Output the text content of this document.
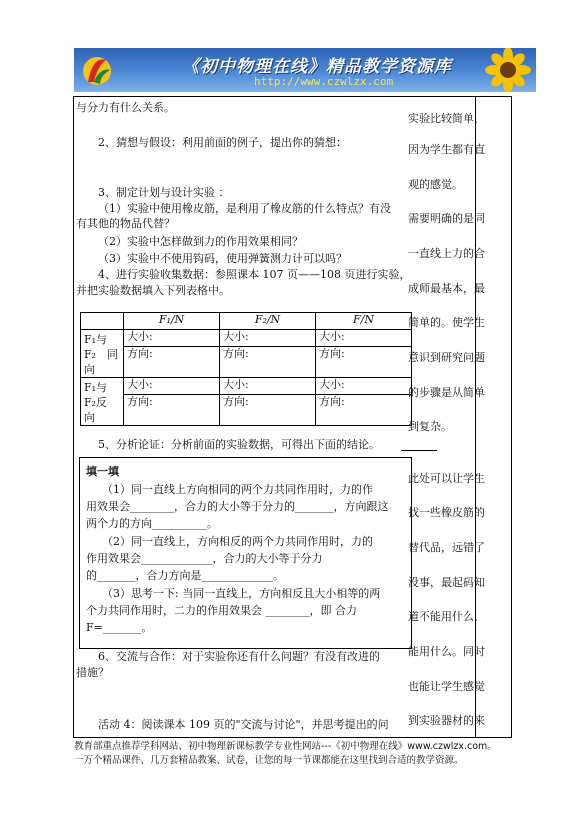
《初中物理在线》精品教学资源库
http://www.czwlzx.com
与分力有什么关系。
2、猜想与假设：利用前面的例子，提出你的猜想：
3、制定计划与设计实验 ：
（1）实验中使用橡皮筋，是利用了橡皮筋的什么特点？有没
有其他的物品代替？
（2）实验中怎样做到力的作用效果相同？
（3）实验中不使用钩码，使用弹簧测力计可以吗？
4、进行实验收集数据：参照课本 107 页——108 页进行实验，
并把实验数据填入下列表格中。
	F₁/N	F₂/N	F/N

F₁与
F₂　同
向	大小:	大小:	大小:
	方向:	方向:	方向:

F₁与
F₂反
向	大小:	大小:	大小:
	方向:	方向:	方向:
5、分析论证：分析前面的实验数据，可得出下面的结论。
填一填
（1）同一直线上方向相同的两个力共同作用时，力的作
用效果会________，合力的大小等于分力的_______，方向跟这
两个力的方向__________。
（2）同一直线上，方向相反的两个力共同作用时，力的
作用效果会_____________，合力的大小等于分力
的_______，合力方向是_____________。
（3）思考一下: 当同一直线上，方向相反且大小相等的两
个力共同作用时，二力的作用效果会 ________，即 合力
F=_______。
6、交流与合作：对于实验你还有什么问题？有没有改进的
措施？
活动 4：阅读课本 109 页的"交流与讨论"，并思考提出的问
实验比较简单，
因为学生都有直
观的感觉。
需要明确的是同
一直线上力的合
成师最基本，最
简单的。使学生
意识到研究问题
的步骤是从简单
到复杂。
此处可以让学生
找一些橡皮筋的
替代品，远错了
没事，最起码知
道不能用什么，
能用什么。同时
也能让学生感觉
到实验器材的来
教育部重点推荐学科网站、初中物理新课标教学专业性网站---《初中物理在线》www.czwlzx.com。
一万个精品课件、几万套精品教案、试卷，让您的每一节课都能在这里找到合适的教学资源。
